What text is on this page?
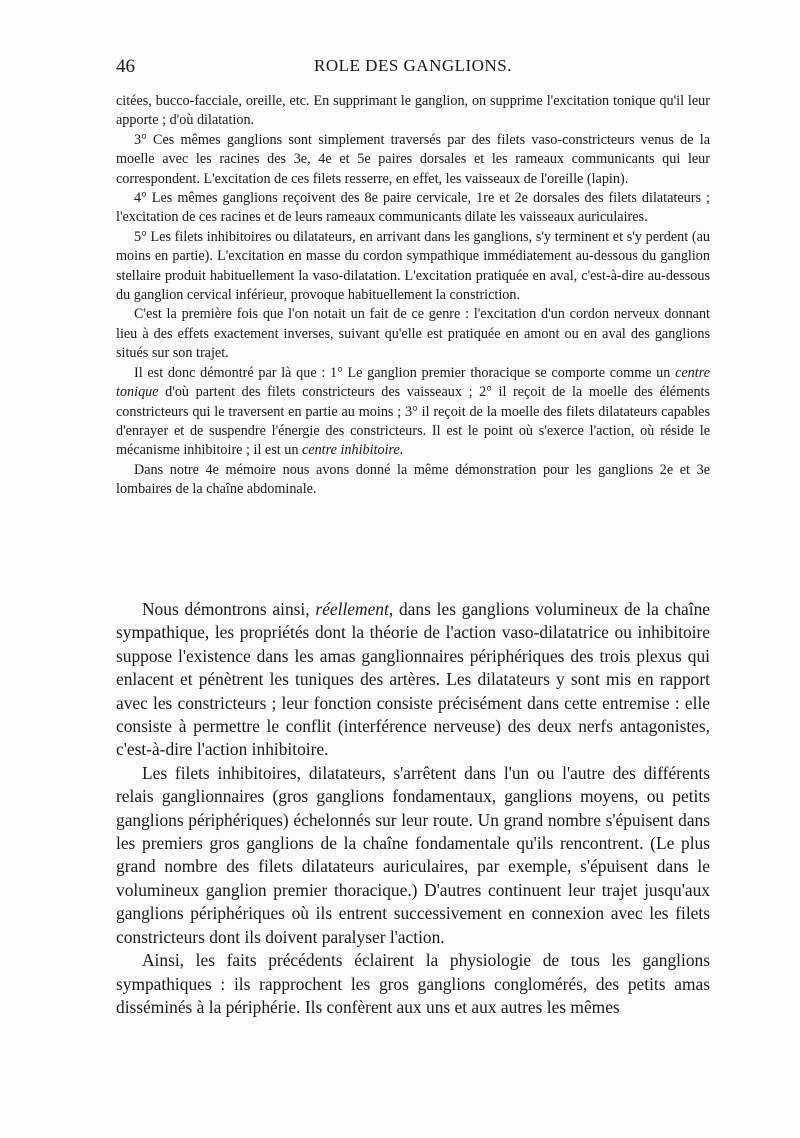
46	ROLE DES GANGLIONS.

citées, bucco-facciale, oreille, etc. En supprimant le ganglion, on supprime l'excitation tonique qu'il leur apporte ; d'où dilatation.

3° Ces mêmes ganglions sont simplement traversés par des filets vaso-constricteurs venus de la moelle avec les racines des 3e, 4e et 5e paires dorsales et les rameaux communicants qui leur correspondent. L'excitation de ces filets resserre, en effet, les vaisseaux de l'oreille (lapin).

4° Les mêmes ganglions reçoivent des 8e paire cervicale, 1re et 2e dorsales des filets dilatateurs ; l'excitation de ces racines et de leurs rameaux communicants dilate les vaisseaux auriculaires.

5° Les filets inhibitoires ou dilatateurs, en arrivant dans les ganglions, s'y terminent et s'y perdent (au moins en partie). L'excitation en masse du cordon sympathique immédiatement au-dessous du ganglion stellaire produit habituellement la vaso-dilatation. L'excitation pratiquée en aval, c'est-à-dire au-dessous du ganglion cervical inférieur, provoque habituellement la constriction.

C'est la première fois que l'on notait un fait de ce genre : l'excitation d'un cordon nerveux donnant lieu à des effets exactement inverses, suivant qu'elle est pratiquée en amont ou en aval des ganglions situés sur son trajet.

Il est donc démontré par là que : 1° Le ganglion premier thoracique se comporte comme un centre tonique d'où partent des filets constricteurs des vaisseaux ; 2° il reçoit de la moelle des éléments constricteurs qui le traversent en partie au moins ; 3° il reçoit de la moelle des filets dilatateurs capables d'enrayer et de suspendre l'énergie des constricteurs. Il est le point où s'exerce l'action, où réside le mécanisme inhibitoire ; il est un centre inhibitoire.

Dans notre 4e mémoire nous avons donné la même démonstration pour les ganglions 2e et 3e lombaires de la chaîne abdominale.

Nous démontrons ainsi, réellement, dans les ganglions volumineux de la chaîne sympathique, les propriétés dont la théorie de l'action vaso-dilatatrice ou inhibitoire suppose l'existence dans les amas ganglionnaires périphériques des trois plexus qui enlacent et pénètrent les tuniques des artères. Les dilatateurs y sont mis en rapport avec les constricteurs ; leur fonction consiste précisément dans cette entremise : elle consiste à permettre le conflit (interférence nerveuse) des deux nerfs antagonistes, c'est-à-dire l'action inhibitoire.

Les filets inhibitoires, dilatateurs, s'arrêtent dans l'un ou l'autre des différents relais ganglionnaires (gros ganglions fondamentaux, ganglions moyens, ou petits ganglions périphériques) échelonnés sur leur route. Un grand nombre s'épuisent dans les premiers gros ganglions de la chaîne fondamentale qu'ils rencontrent. (Le plus grand nombre des filets dilatateurs auriculaires, par exemple, s'épuisent dans le volumineux ganglion premier thoracique.) D'autres continuent leur trajet jusqu'aux ganglions périphériques où ils entrent successivement en connexion avec les filets constricteurs dont ils doivent paralyser l'action.

Ainsi, les faits précédents éclairent la physiologie de tous les ganglions sympathiques : ils rapprochent les gros ganglions conglomérés, des petits amas disséminés à la périphérie. Ils confèrent aux uns et aux autres les mêmes
